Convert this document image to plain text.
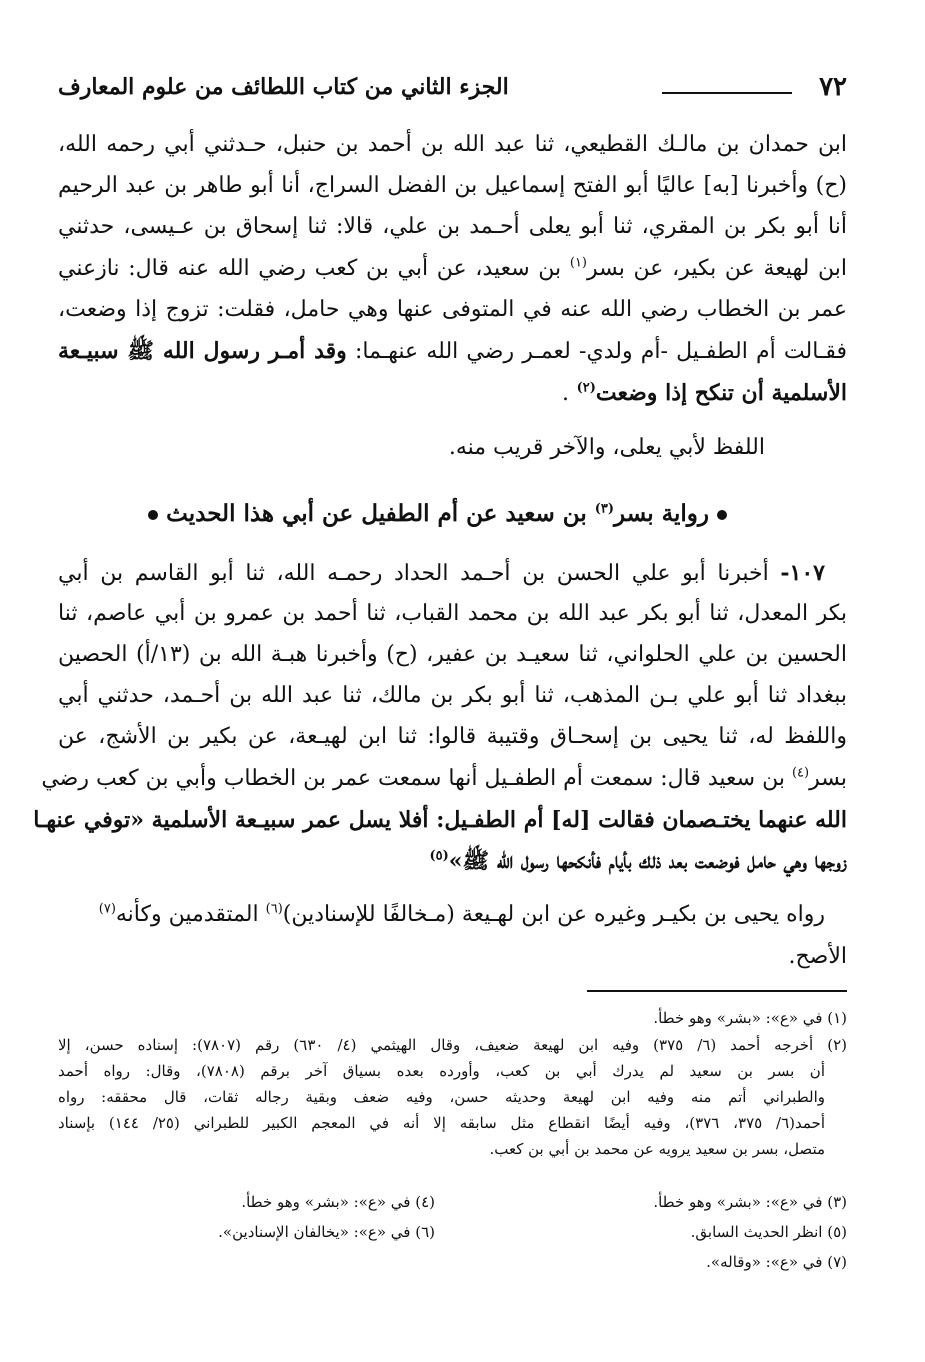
٧٢
الجزء الثاني من كتاب اللطائف من علوم المعارف
ابن حمدان بن مالـك القطيعي، ثنا عبد الله بن أحمد بن حنبل، حـدثني أبي رحمه الله،
(ح) وأخبرنا [به] عاليًا أبو الفتح إسماعيل بن الفضل السراج، أنا أبو طاهر بن عبد الرحيم
أنا أبو بكر بن المقري، ثنا أبو يعلى أحـمد بن علي، قالا: ثنا إسحاق بن عـيسى، حدثني
ابن لهيعة عن بكير، عن بسر$^{(١)}$ بن سعيد، عن أبي بن كعب رضي الله عنه قال: نازعني
عمر بن الخطاب رضي الله عنه في المتوفى عنها وهي حامل، فقلت: تزوج إذا وضعت،
فقـالت أم الطفـيل -أم ولدي- لعمـر رضي الله عنهـما: وقد أمـر رسول الله ﷺ سبيـعة
الأسلمية أن تنكح إذا وضعت$^{(٢)}$ .
اللفظ لأبي يعلى، والآخر قريب منه.
رواية بسر$^{(٣)}$ بن سعيد عن أم الطفيل عن أبي هذا الحديث
١٠٧- أخبرنا أبو علي الحسن بن أحـمد الحداد رحمـه الله، ثنا أبو القاسم بن أبي
بكر المعدل، ثنا أبو بكر عبد الله بن محمد القباب، ثنا أحمد بن عمرو بن أبي عاصم، ثنا
الحسين بن علي الحلواني، ثنا سعيـد بن عفير، (ح) وأخبرنا هبـة الله بن (١٣/أ) الحصين
ببغداد ثنا أبو علي بـن المذهب، ثنا أبو بكر بن مالك، ثنا عبد الله بن أحـمد، حدثني أبي
واللفظ له، ثنا يحيى بن إسحـاق وقتيبة قالوا: ثنا ابن لهيـعة، عن بكير بن الأشج، عن
بسر$^{(٤)}$ بن سعيد قال: سمعت أم الطفـيل أنها سمعت عمر بن الخطاب وأبي بن كعب رضي
الله عنهما يختـصمان فقالت [له] أم الطفـيل: أفلا يسل عمر سبيـعة الأسلمية «توفي عنهـا
زوجها وهي حامل فوضعت بعد ذلك بأيام فأنكحها رسول الله ﷺ»$^{(٥)}$
رواه يحيى بن بكيـر وغيره عن ابن لهـيعة (مـخالفًا للإسنادين)$^{(٦)}$ المتقدمين وكأنه$^{(٧)}$
الأصح.
(١) في «ع»: «بشر» وهو خطأ.
(٢) أخرجه أحمد (٦/ ٣٧٥) وفيه ابن لهيعة ضعيف، وقال الهيثمي (٤/ ٦٣٠) رقم (٧٨٠٧): إسناده حسن، إلا
أن بسر بن سعيد لم يدرك أبي بن كعب، وأورده بعده بسياق آخر برقم (٧٨٠٨)، وقال: رواه أحمد
والطبراني أتم منه وفيه ابن لهيعة وحديثه حسن، وفيه ضعف وبقية رجاله ثقات، قال محققه: رواه
أحمد(٦/ ٣٧٥، ٣٧٦)، وفيه أيضًا انقطاع مثل سابقه إلا أنه في المعجم الكبير للطبراني (٢٥/ ١٤٤) بإسناد
متصل، بسر بن سعيد يرويه عن محمد بن أبي بن كعب.
(٣) في «ع»: «بشر» وهو خطأ.
(٤) في «ع»: «بشر» وهو خطأ.
(٥) انظر الحديث السابق.
(٦) في «ع»: «يخالفان الإسنادين».
(٧) في «ع»: «وقاله».
